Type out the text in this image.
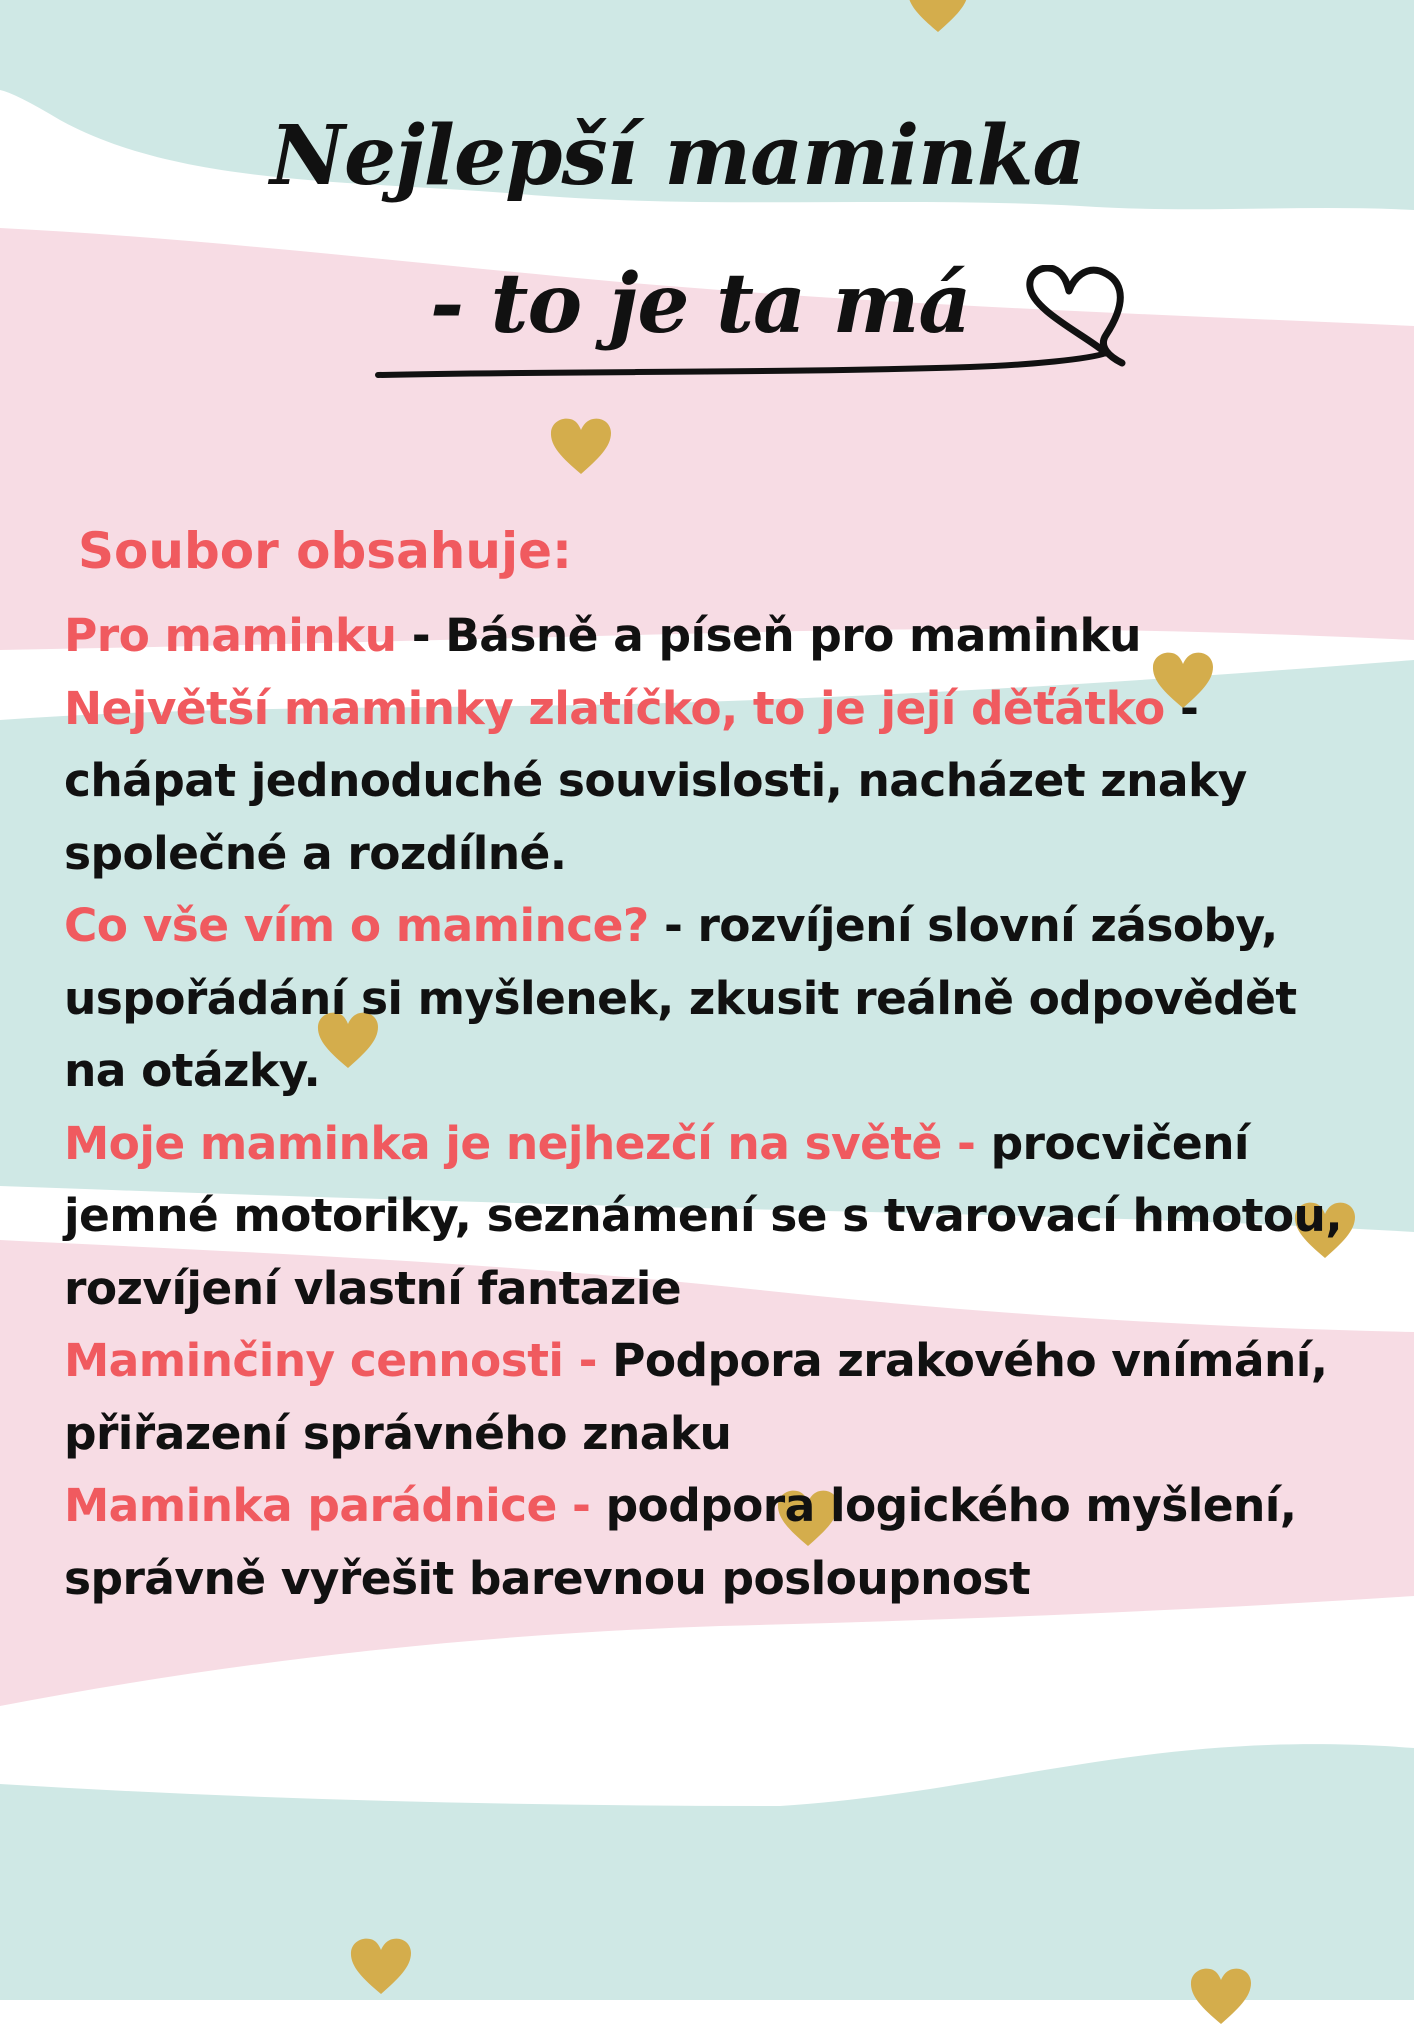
Nejlepší maminka
- to je ta má

Soubor obsahuje:

Pro maminku - Básně a píseň pro maminku

Největší maminky zlatíčko, to je její děťátko - chápat jednoduché souvislosti, nacházet znaky společné a rozdílné.

Co vše vím o mamince? - rozvíjení slovní zásoby, uspořádání si myšlenek, zkusit reálně odpovědět na otázky.

Moje maminka je nejhezčí na světě - procvičení jemné motoriky, seznámení se s tvarovací hmotou, rozvíjení vlastní fantazie

Maminčiny cennosti - Podpora zrakového vnímání, přiřazení správného znaku

Maminka parádnice - podpora logického myšlení, správně vyřešit barevnou posloupnost
